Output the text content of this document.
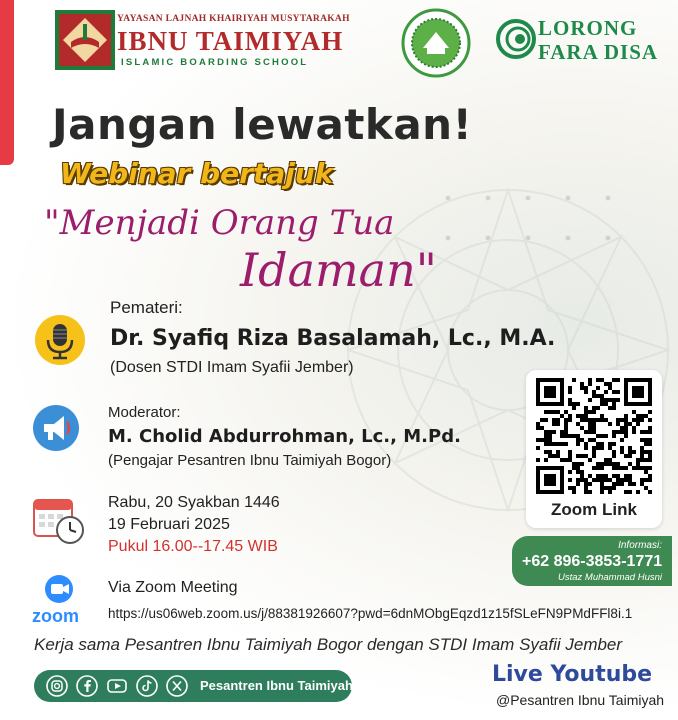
YAYASAN LAJNAH KHAIRIYAH MUSYTARAKAH
IBNU TAIMIYAH
ISLAMIC BOARDING SCHOOL
LORONG
FARA DISA
Jangan lewatkan!
Webinar bertajuk
"Menjadi Orang Tua
Idaman"
Pemateri:
Dr. Syafiq Riza Basalamah, Lc., M.A.
(Dosen STDI Imam Syafii Jember)
Moderator:
M. Cholid Abdurrohman, Lc., M.Pd.
(Pengajar Pesantren Ibnu Taimiyah Bogor)
Rabu, 20 Syakban 1446
19 Februari 2025
Pukul 16.00--17.45 WIB
zoom
Via Zoom Meeting
https://us06web.zoom.us/j/88381926607?pwd=6dnMObgEqzd1z15fSLeFN9PMdFFl8i.1
Zoom Link
Informasi:
+62 896-3853-1771
Ustaz Muhammad Husni
Kerja sama Pesantren Ibnu Taimiyah Bogor dengan STDI Imam Syafii Jember
Pesantren Ibnu Taimiyah	Live Youtube
@Pesantren Ibnu Taimiyah
